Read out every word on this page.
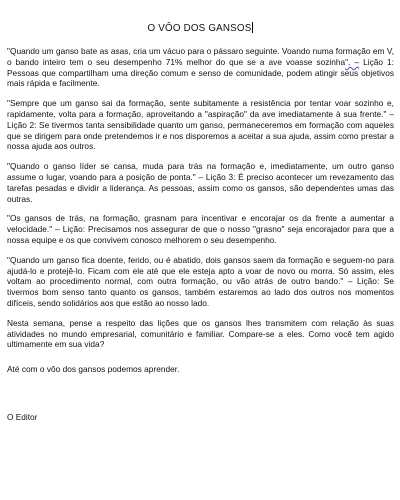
O VÔO DOS GANSOS

"Quando um ganso bate as asas, cria um vácuo para o pássaro seguinte. Voando numa formação em V, o bando inteiro tem o seu desempenho 71% melhor do que se a ave voasse sozinha". – Lição 1: Pessoas que compartilham uma direção comum e senso de comunidade, podem atingir seus objetivos mais rápida e facilmente.

"Sempre que um ganso sai da formação, sente subitamente a resistência por tentar voar sozinho e, rapidamente, volta para a formação, aproveitando a "aspiração" da ave imediatamente à sua frente." – Lição 2: Se tivermos tanta sensibilidade quanto um ganso, permaneceremos em formação com aqueles que se dirigem para onde pretendemos ir e nos disporemos a aceitar a sua ajuda, assim como prestar a nossa ajuda aos outros.

"Quando o ganso líder se cansa, muda para trás na formação e, imediatamente, um outro ganso assume o lugar, voando para a posição de ponta." – Lição 3: É preciso acontecer um revezamento das tarefas pesadas e dividir a liderança. As pessoas, assim como os gansos, são dependentes umas das outras.

"Os gansos de trás, na formação, grasnam para incentivar e encorajar os da frente a aumentar a velocidade." – Lição: Precisamos nos assegurar de que o nosso "grasno" seja encorajador para que a nossa equipe e os que convivem conosco melhorem o seu desempenho.

"Quando um ganso fica doente, ferido, ou é abatido, dois gansos saem da formação e seguem-no para ajudá-lo e protejê-lo. Ficam com ele até que ele esteja apto a voar de novo ou morra. Só assim, eles voltam ao procedimento normal, com outra formação, ou vão atrás de outro bando." – Lição: Se tivermos bom senso tanto quanto os gansos, também estaremos ao lado dos outros nos momentos difíceis, sendo solidários aos que estão ao nosso lado.

Nesta semana, pense a respeito das lições que os gansos lhes transmitem com relação às suas atividades no mundo empresarial, comunitário e familiar. Compare-se a eles. Como você tem agido ultimamente em sua vida?

Até com o vôo dos gansos podemos aprender.

O Editor
